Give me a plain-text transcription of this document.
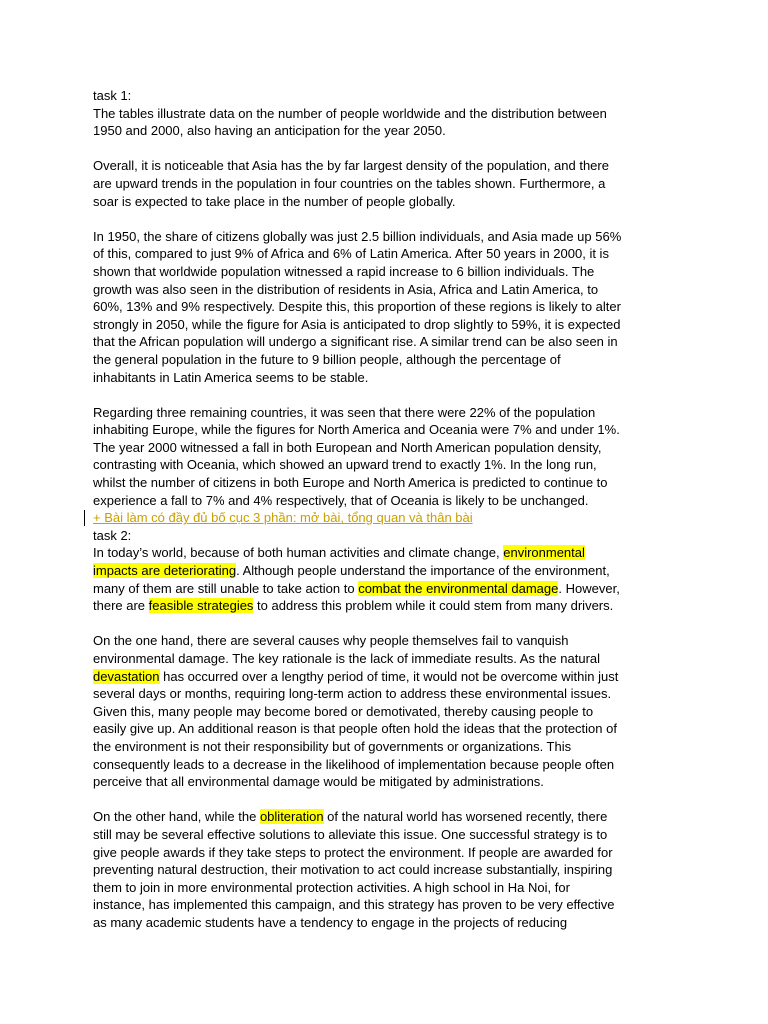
task 1:
The tables illustrate data on the number of people worldwide and the distribution between
1950 and 2000, also having an anticipation for the year 2050.
Overall, it is noticeable that Asia has the by far largest density of the population, and there
are upward trends in the population in four countries on the tables shown. Furthermore, a
soar is expected to take place in the number of people globally.
In 1950, the share of citizens globally was just 2.5 billion individuals, and Asia made up 56%
of this, compared to just 9% of Africa and 6% of Latin America. After 50 years in 2000, it is
shown that worldwide population witnessed a rapid increase to 6 billion individuals. The
growth was also seen in the distribution of residents in Asia, Africa and Latin America, to
60%, 13% and 9% respectively. Despite this, this proportion of these regions is likely to alter
strongly in 2050, while the figure for Asia is anticipated to drop slightly to 59%, it is expected
that the African population will undergo a significant rise. A similar trend can be also seen in
the general population in the future to 9 billion people, although the percentage of
inhabitants in Latin America seems to be stable.
Regarding three remaining countries, it was seen that there were 22% of the population
inhabiting Europe, while the figures for North America and Oceania were 7% and under 1%.
The year 2000 witnessed a fall in both European and North American population density,
contrasting with Oceania, which showed an upward trend to exactly 1%. In the long run,
whilst the number of citizens in both Europe and North America is predicted to continue to
experience a fall to 7% and 4% respectively, that of Oceania is likely to be unchanged.
+ Bài làm có đầy đủ bố cục 3 phần: mở bài, tổng quan và thân bài
task 2:
In today’s world, because of both human activities and climate change, environmental
impacts are deteriorating. Although people understand the importance of the environment,
many of them are still unable to take action to combat the environmental damage. However,
there are feasible strategies to address this problem while it could stem from many drivers.
On the one hand, there are several causes why people themselves fail to vanquish
environmental damage. The key rationale is the lack of immediate results. As the natural
devastation has occurred over a lengthy period of time, it would not be overcome within just
several days or months, requiring long-term action to address these environmental issues.
Given this, many people may become bored or demotivated, thereby causing people to
easily give up. An additional reason is that people often hold the ideas that the protection of
the environment is not their responsibility but of governments or organizations. This
consequently leads to a decrease in the likelihood of implementation because people often
perceive that all environmental damage would be mitigated by administrations.
On the other hand, while the obliteration of the natural world has worsened recently, there
still may be several effective solutions to alleviate this issue. One successful strategy is to
give people awards if they take steps to protect the environment. If people are awarded for
preventing natural destruction, their motivation to act could increase substantially, inspiring
them to join in more environmental protection activities. A high school in Ha Noi, for
instance, has implemented this campaign, and this strategy has proven to be very effective
as many academic students have a tendency to engage in the projects of reducing
